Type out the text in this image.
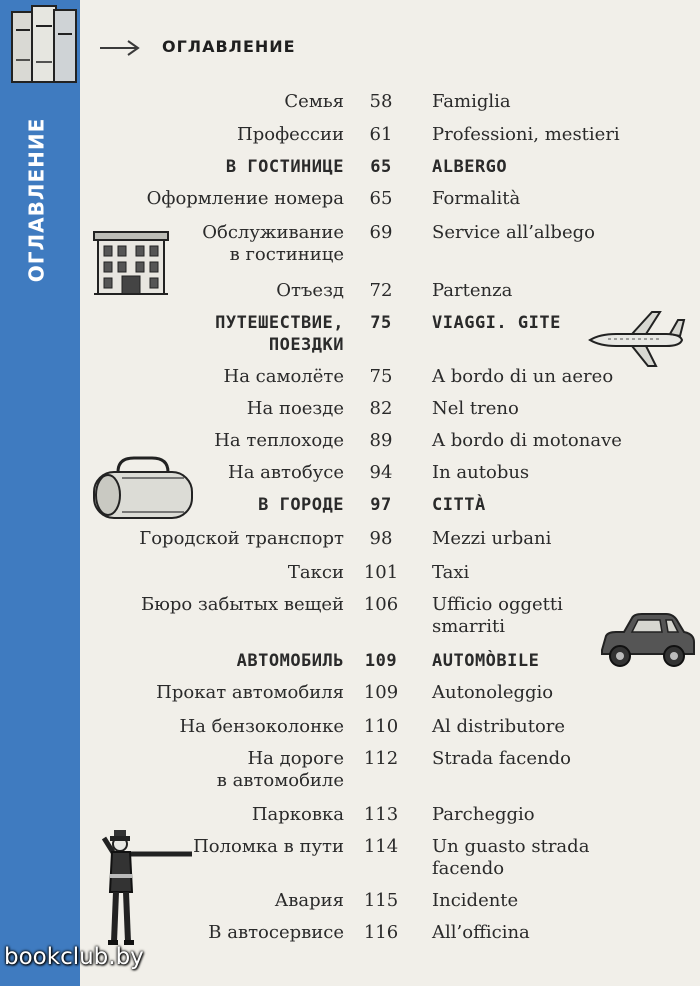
ОГЛАВЛЕНИЕ
ОГЛАВЛЕНИЕ
Семья	58	Famiglia
Профессии	61	Professioni, mestieri
В ГОСТИНИЦЕ	65	ALBERGO
Оформление номера	65	Formalità
Обслуживание
в гостинице
69	Service all’albego
Отъезд	72	Partenza
ПУТЕШЕСТВИЕ,
ПОЕЗДКИ
75	VIAGGI. GITE
На самолёте	75	A bordo di un aereo
На поезде	82	Nel treno
На теплоходе	89	A bordo di motonave
На автобусе	94	In autobus
В ГОРОДЕ	97	CITTÀ
Городской транспорт	98	Mezzi urbani
Такси	101	Taxi
Бюро забытых вещей	106	Ufficio oggetti
smarriti
АВТОМОБИЛЬ	109	AUTOMÒBILE
Прокат автомобиля	109	Autonoleggio
На бензоколонке	110	Al distributore
На дороге
в автомобиле
112	Strada facendo
Парковка	113	Parcheggio
Поломка в пути	114	Un guasto strada
facendo
Авария	115	Incidente
В автосервисе	116	All’officina
bookclub.by
